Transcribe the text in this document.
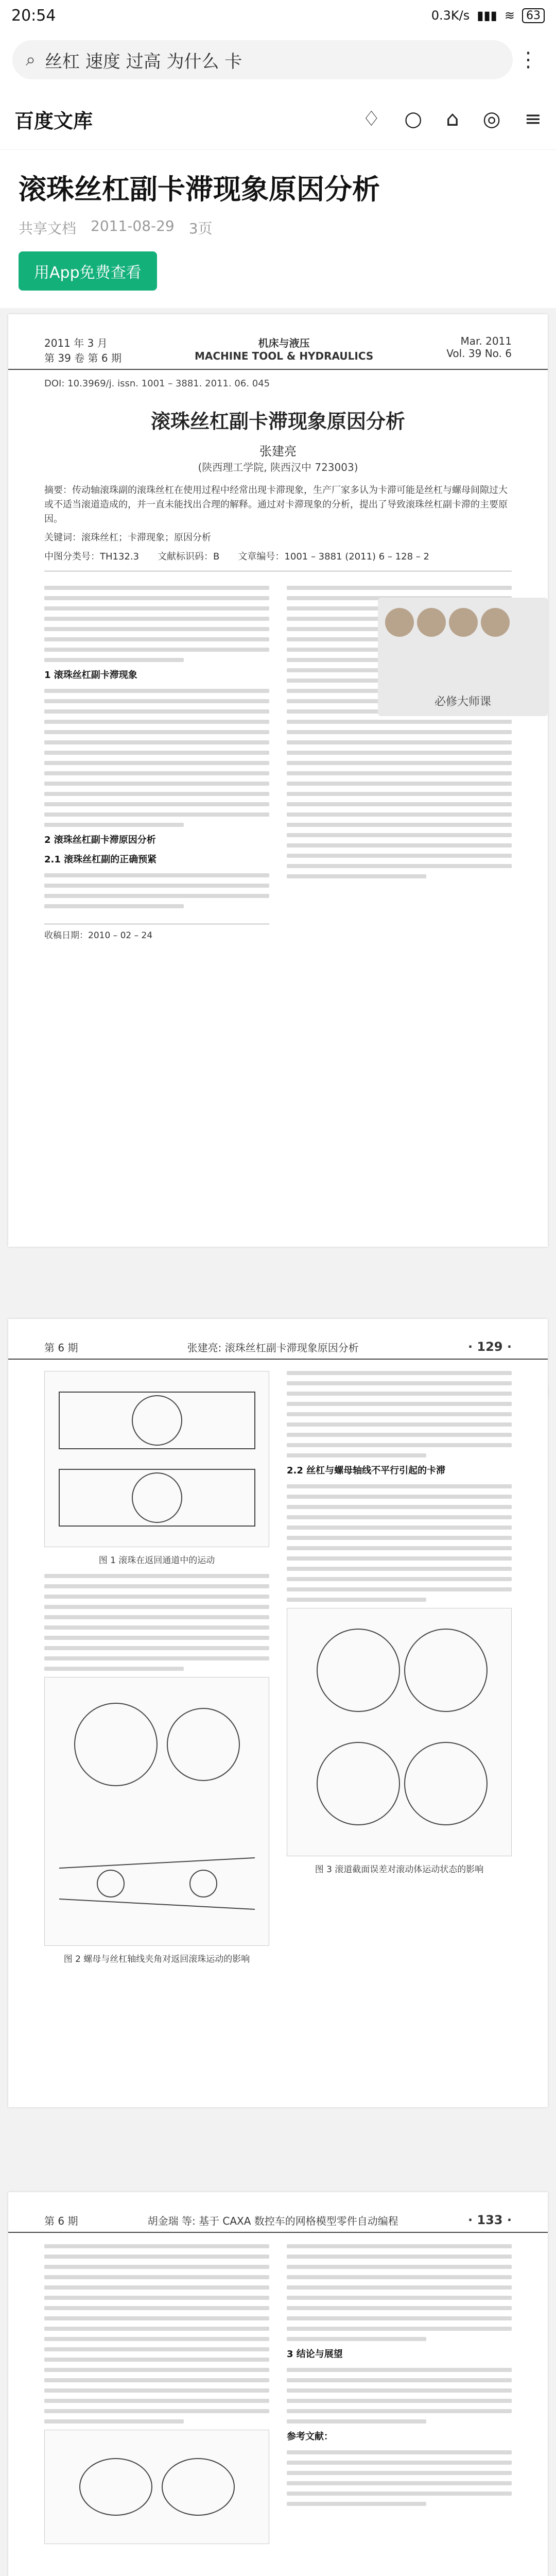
20:54	0.3K/s ▮▮▮ ≋	63
⌕ 丝杠 速度 过高 为什么 卡	⋮
百度文库	♢ ○ ⌂ ◎ ≡
滚珠丝杠副卡滞现象原因分析
共享文档 2011-08-29 3页
用App免费查看
2011 年 3 月
第 39 卷 第 6 期
机床与液压
MACHINE TOOL & HYDRAULICS
Mar. 2011
Vol. 39 No. 6
DOI: 10.3969/j. issn. 1001 – 3881. 2011. 06. 045
滚珠丝杠副卡滞现象原因分析
张建亮
(陕西理工学院, 陕西汉中 723003)
摘要：传动轴滚珠副的滚珠丝杠在使用过程中经常出现卡滞现象，生产厂家多认为卡滞可能是丝杠与螺母间隙过大或不适当滚道造成的，并一直未能找出合理的解释。通过对卡滞现象的分析，提出了导致滚珠丝杠副卡滞的主要原因。
关键词：滚珠丝杠；卡滞现象；原因分析
中图分类号：TH132.3 文献标识码：B 文章编号：1001 – 3881 (2011) 6 – 128 – 2
1 滚珠丝杠副卡滞现象
2 滚珠丝杠副卡滞原因分析
2.1 滚珠丝杠副的正确预紧
收稿日期：2010 – 02 – 24
必修大师课
第 6 期	张建亮: 滚珠丝杠副卡滞现象原因分析	· 129 ·
图 1 滚珠在返回通道中的运动
图 2 螺母与丝杠轴线夹角对返回滚珠运动的影响
2.2 丝杠与螺母轴线不平行引起的卡滞
图 3 滚道截面误差对滚动体运动状态的影响
第 6 期	胡金瑞 等: 基于 CAXA 数控车的网格模型零件自动编程	· 133 ·
3 结论与展望
参考文献：
